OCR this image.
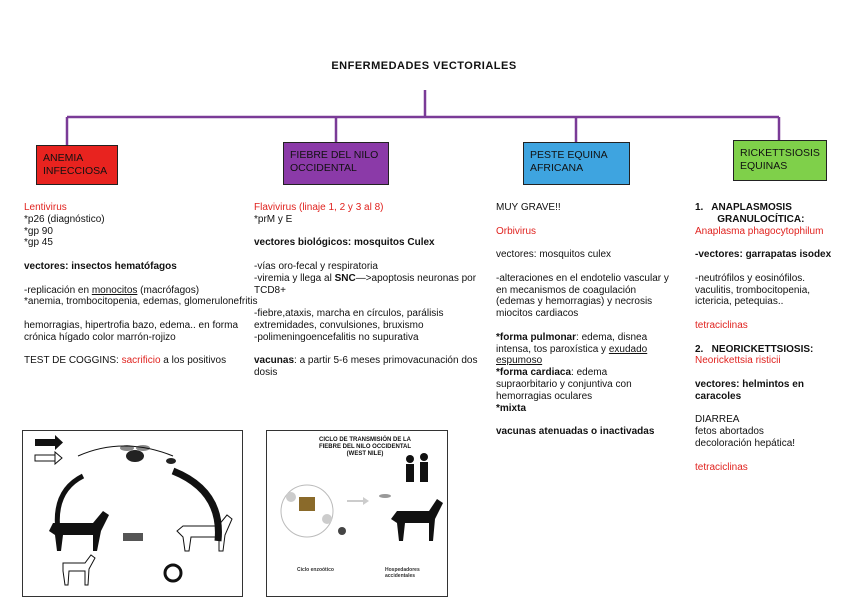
ENFERMEDADES VECTORIALES
ANEMIA INFECCIOSA
FIEBRE DEL NILO OCCIDENTAL
PESTE EQUINA AFRICANA
RICKETTSIOSIS EQUINAS

Lentivirus

*p26 (diagnóstico)

*gp 90

*gp 45

vectores: insectos hematófagos

-replicación en monocitos (macrófagos)

*anemia, trombocitopenia, edemas, glomerulonefritis

hemorragias, hipertrofia bazo, edema.. en forma crónica hígado color marrón-rojizo

TEST DE COGGINS: sacrificio a los positivos

Flavivirus (linaje 1, 2 y 3 al 8)

*prM y E

vectores biológicos: mosquitos Culex

-vías oro-fecal y respiratoria

-viremia y llega al SNC—>apoptosis neuronas por TCD8+

-fiebre,ataxis, marcha en círculos, parálisis extremidades, convulsiones, bruxismo

-polimeningoencefalitis no supurativa

vacunas: a partir 5-6 meses primovacunación dos dosis

MUY GRAVE!!

Orbivirus

vectores: mosquitos culex

-alteraciones en el endotelio vascular y en mecanismos de coagulación (edemas y hemorragias) y necrosis miocitos cardiacos

*forma pulmonar: edema, disnea intensa, tos paroxística y exudado espumoso

*forma cardiaca: edema supraorbitario y conjuntiva con hemorragias oculares

*mixta

vacunas atenuadas o inactivadas

1.   ANAPLASMOSIS
GRANULOCÍTICA:

Anaplasma phagocytophilum

-vectores: garrapatas isodex

-neutrófilos y eosinófilos. vaculitis, trombocitopenia, ictericia, petequias..

tetraciclinas

2.   NEORICKETTSIOSIS:

Neorickettsia risticii

vectores: helmintos en caracoles

DIARREA

fetos abortados

decoloración hepática!

tetraciclinas

CICLO DE TRANSMISIÓN DE LA FIEBRE DEL NILO OCCIDENTAL (WEST NILE)
Ciclo enzoótico	Hospedadores accidentales
